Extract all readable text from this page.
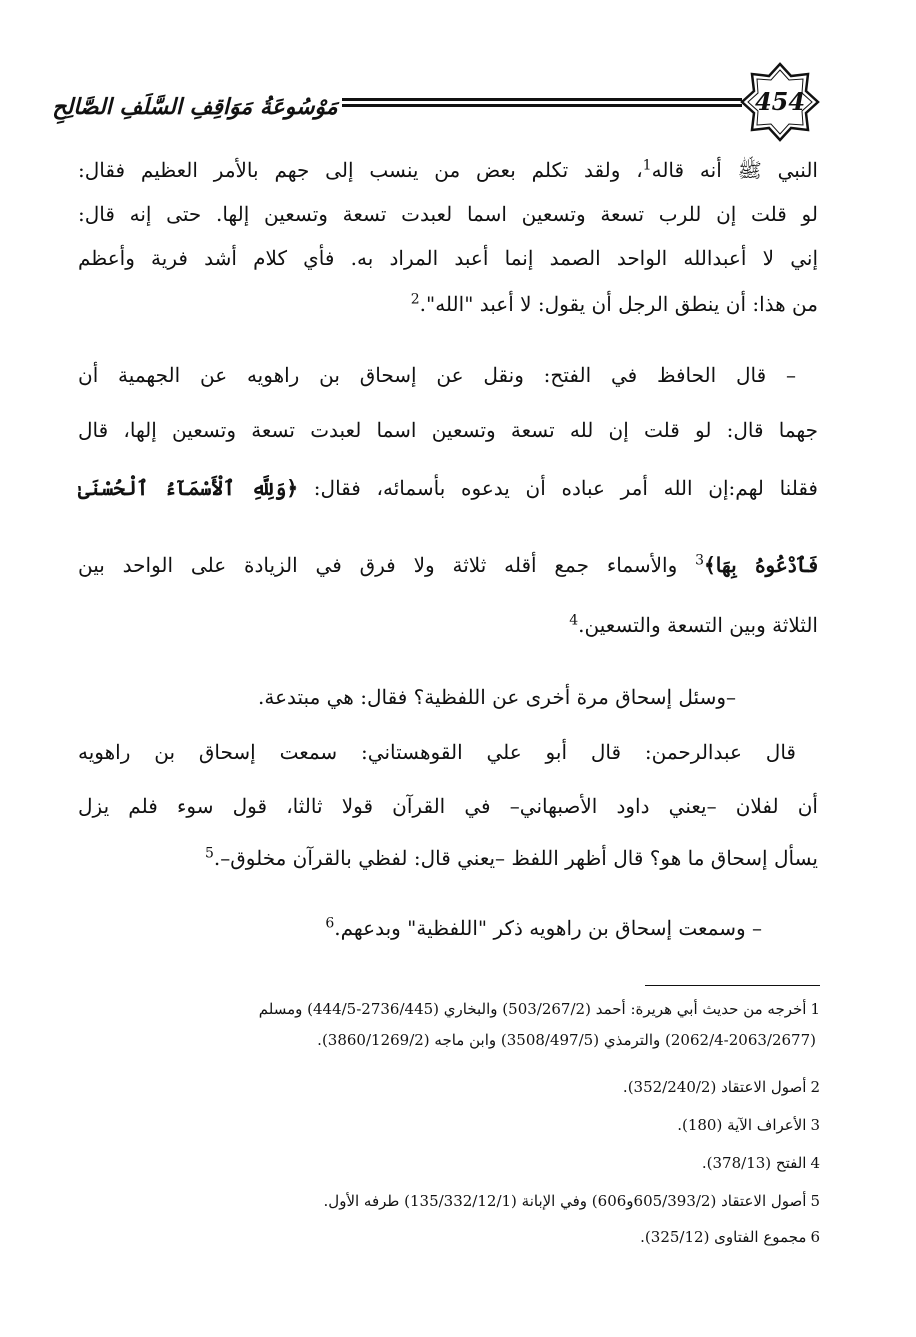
454
مَوْسُوعَةُ مَوَاقِفِ السَّلَفِ الصَّالِحِ
النبي ﷺ أنه قاله$^1$، ولقد تكلم بعض من ينسب إلى جهم بالأمر العظيم فقال:
لو قلت إن للرب تسعة وتسعين اسما لعبدت تسعة وتسعين إلها. حتى إنه قال:
إني لا أعبدالله الواحد الصمد إنما أعبد المراد به. فأي كلام أشد فرية وأعظم
من هذا: أن ينطق الرجل أن يقول: لا أعبد "الله".$^2$
– قال الحافظ في الفتح: ونقل عن إسحاق بن راهويه عن الجهمية أن
جهما قال: لو قلت إن لله تسعة وتسعين اسما لعبدت تسعة وتسعين إلها، قال
فقلنا لهم:إن الله أمر عباده أن يدعوه بأسمائه، فقال: ﴿وَلِلَّهِ ٱلْأَسْمَآءُ ٱلْحُسْنَىٰ
فَٱدْعُوهُ بِهَا﴾$^3$ والأسماء جمع أقله ثلاثة ولا فرق في الزيادة على الواحد بين
الثلاثة وبين التسعة والتسعين.$^4$
–وسئل إسحاق مرة أخرى عن اللفظية؟ فقال: هي مبتدعة.
قال عبدالرحمن: قال أبو علي القوهستاني: سمعت إسحاق بن راهويه
أن لفلان –يعني داود الأصبهاني– في القرآن قولا ثالثا، قول سوء فلم يزل
يسأل إسحاق ما هو؟ قال أظهر اللفظ –يعني قال: لفظي بالقرآن مخلوق–.$^5$
– وسمعت إسحاق بن راهويه ذكر "اللفظية" وبدعهم.$^6$
1أخرجه من حديث أبي هريرة: أحمد (503/267/2) والبخاري (2736/445-444/5) ومسلم
(2062/4-2063/2677) والترمذي (3508/497/5) وابن ماجه (3860/1269/2).
2أصول الاعتقاد (352/240/2).
3الأعراف الآية (180).
4الفتح (378/13).
5أصول الاعتقاد (605/393/2و606) وفي الإبانة (135/332/12/1) طرفه الأول.
6مجموع الفتاوى (325/12).
